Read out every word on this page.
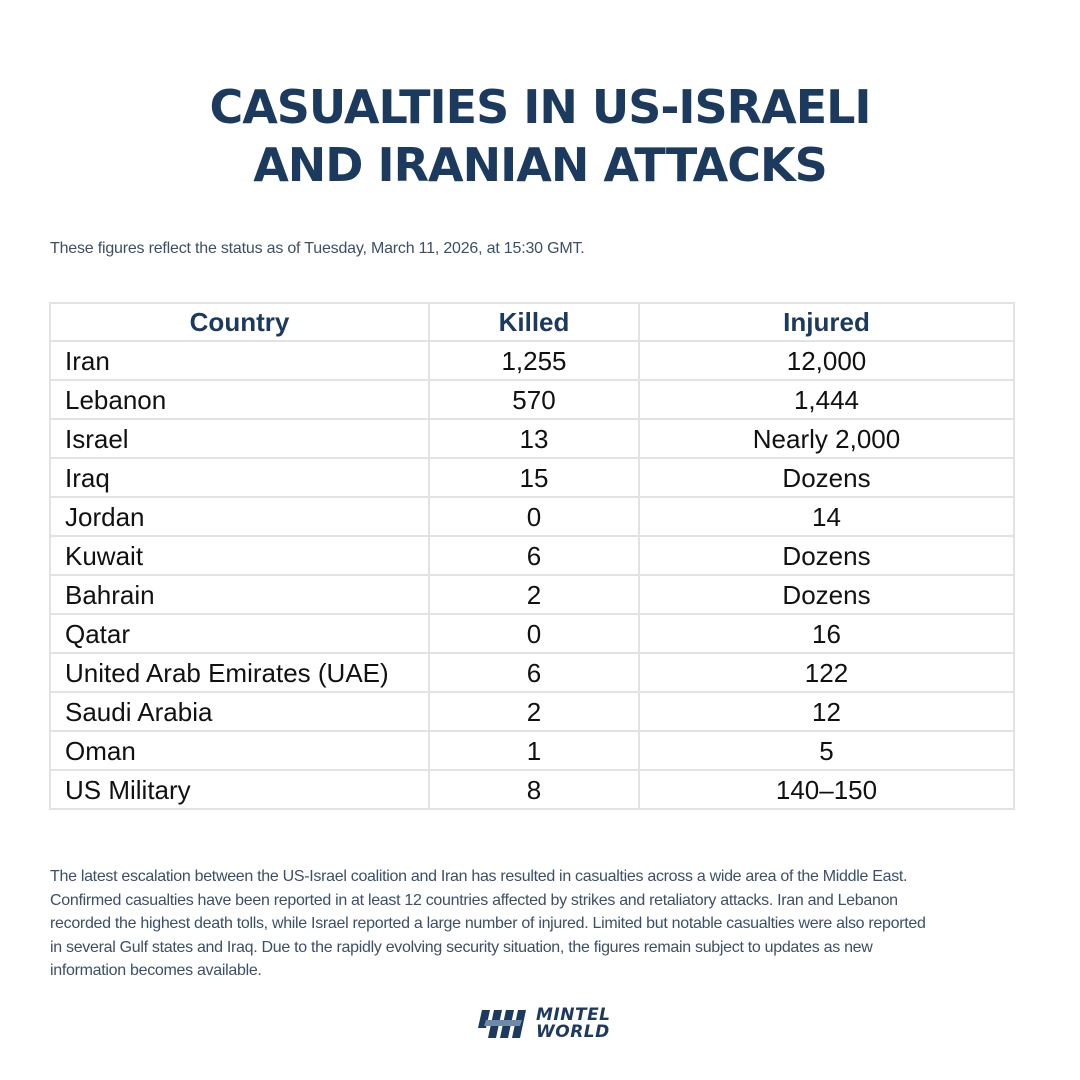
CASUALTIES IN US-ISRAELI
AND IRANIAN ATTACKS

These figures reflect the status as of Tuesday, March 11, 2026, at 15:30 GMT.

Country	Killed	Injured
Iran	1,255	12,000
Lebanon	570	1,444
Israel	13	Nearly 2,000
Iraq	15	Dozens
Jordan	0	14
Kuwait	6	Dozens
Bahrain	2	Dozens
Qatar	0	16
United Arab Emirates (UAE)	6	122
Saudi Arabia	2	12
Oman	1	5
US Military	8	140–150
The latest escalation between the US-Israel coalition and Iran has resulted in casualties across a wide area of the Middle East.
Confirmed casualties have been reported in at least 12 countries affected by strikes and retaliatory attacks. Iran and Lebanon
recorded the highest death tolls, while Israel reported a large number of injured. Limited but notable casualties were also reported
in several Gulf states and Iraq. Due to the rapidly evolving security situation, the figures remain subject to updates as new
information becomes available.
MINTEL
WORLD
